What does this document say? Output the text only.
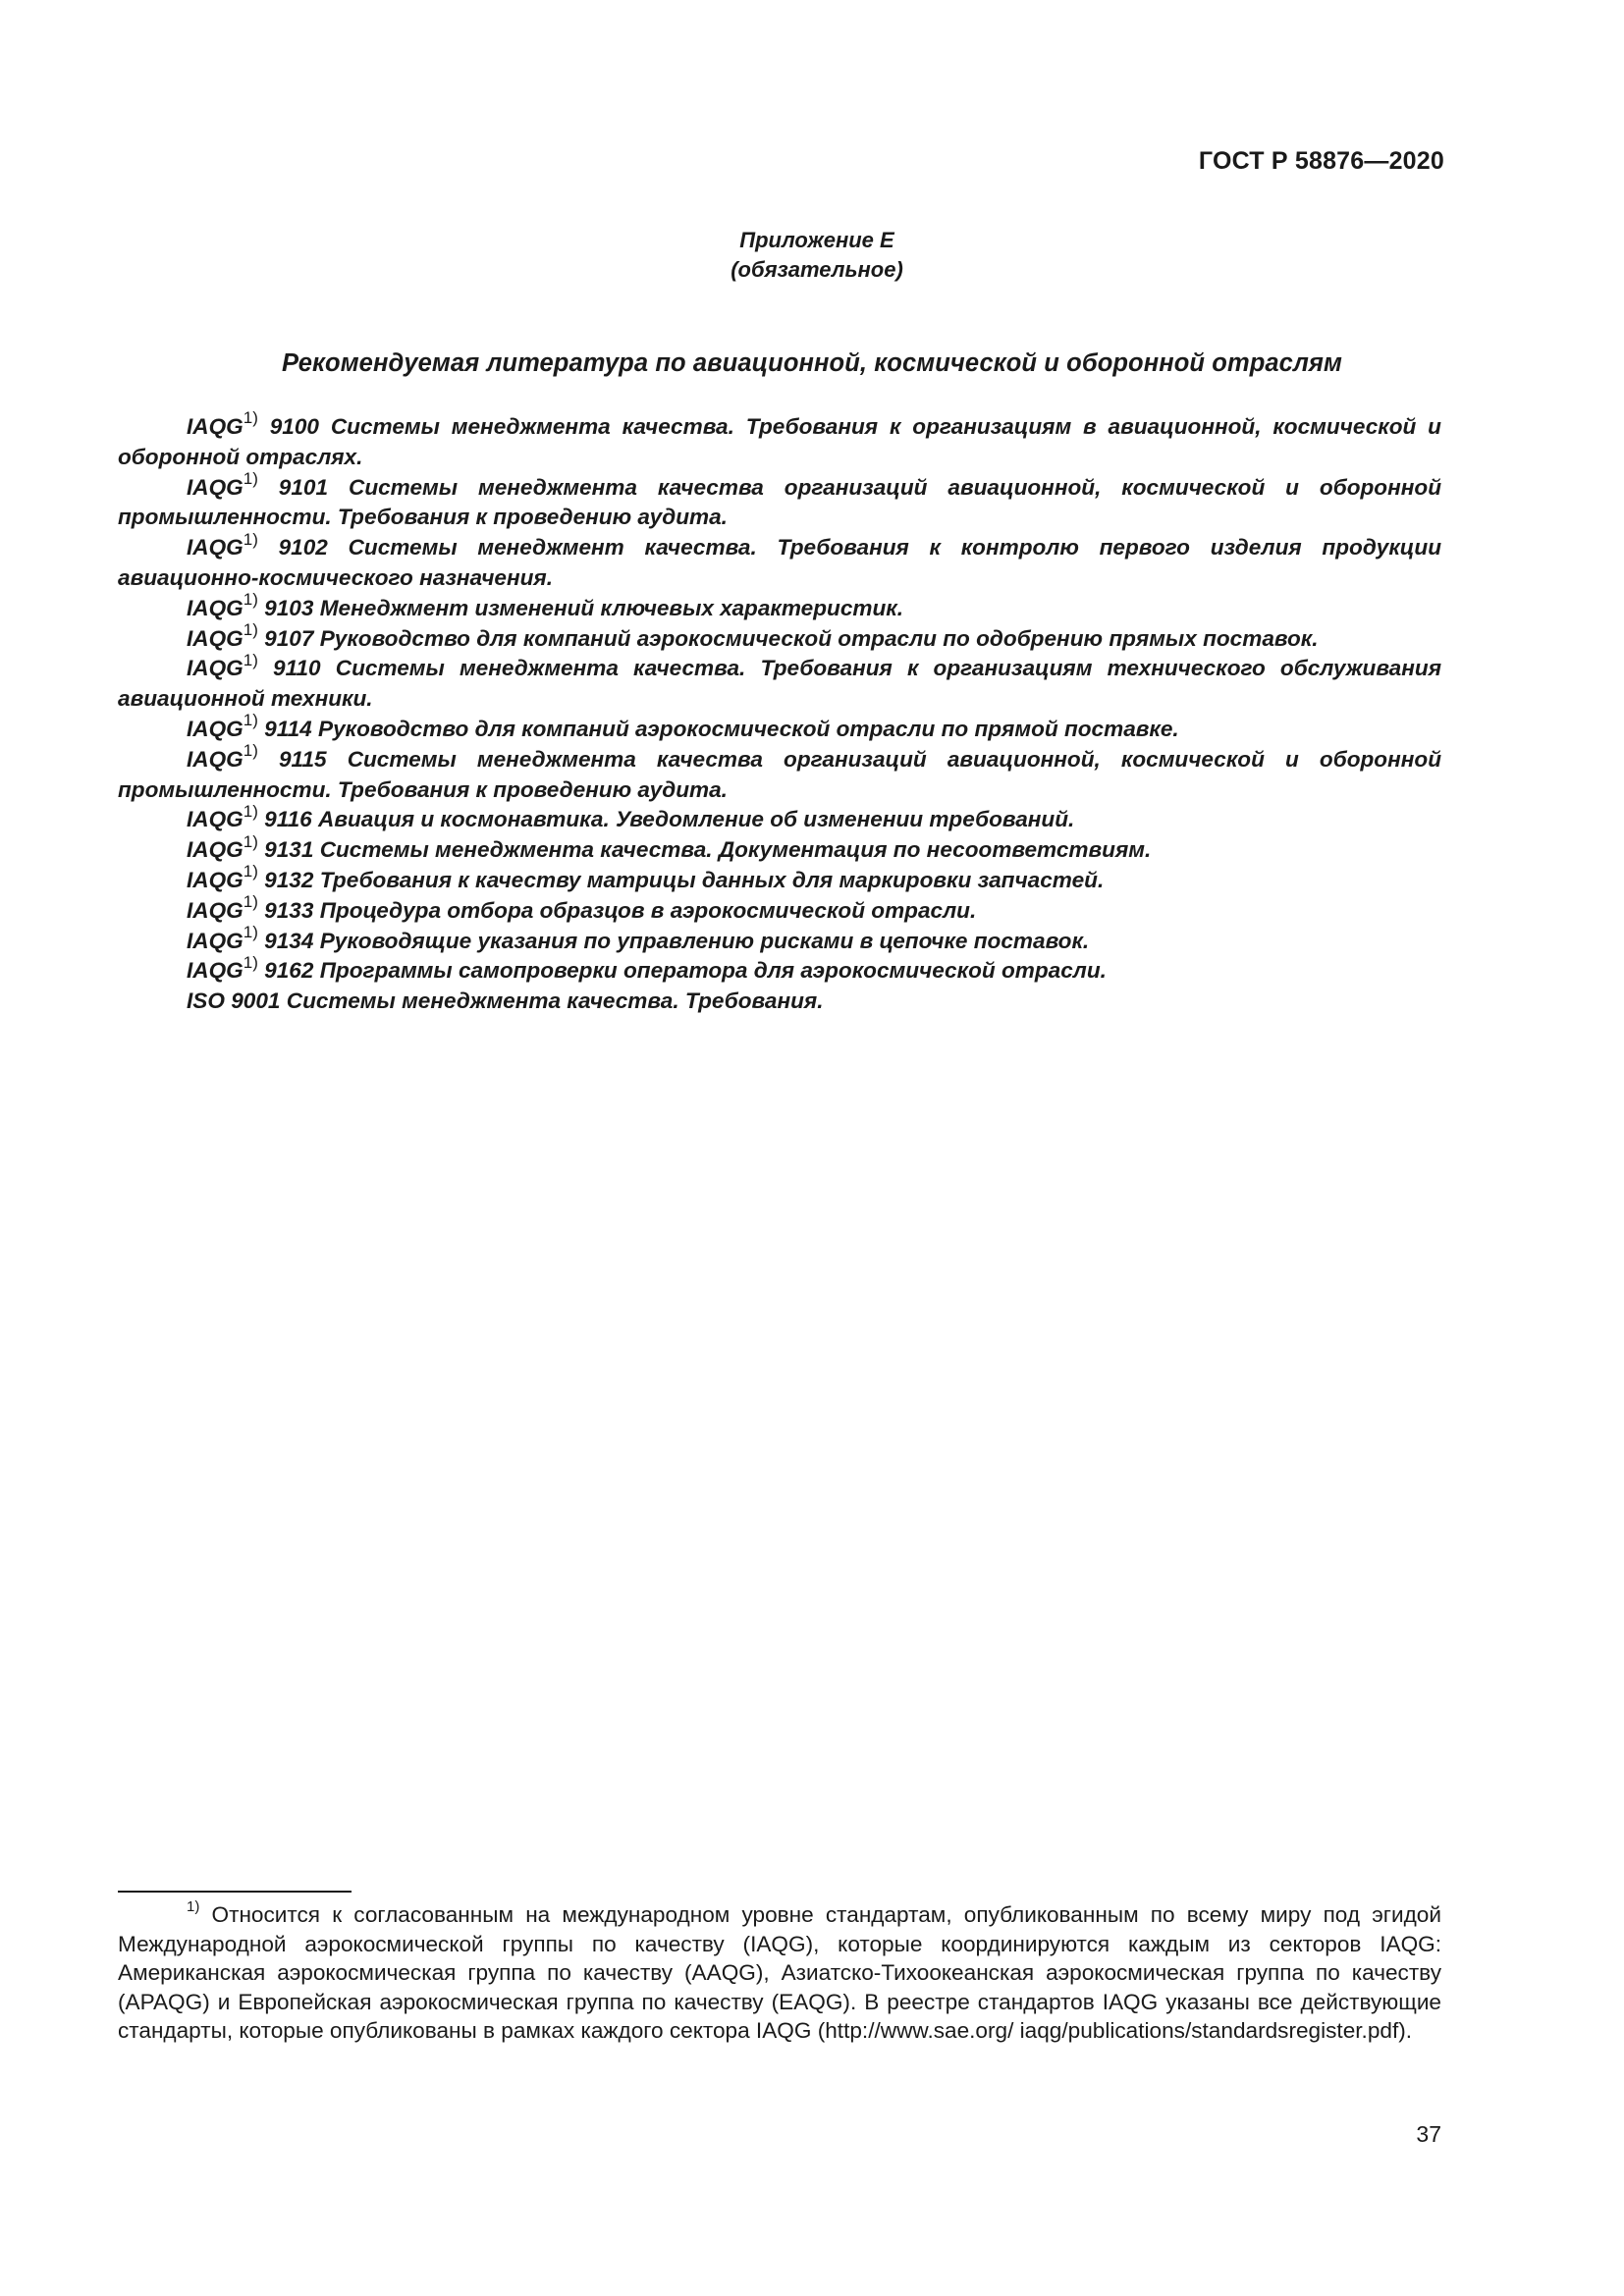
ГОСТ Р 58876—2020
Приложение Е
(обязательное)
Рекомендуемая литература по авиационной, космической и оборонной отраслям
IAQG$^{1)}$ 9100 Системы менеджмента качества. Требования к организациям в авиационной, космической и оборонной отраслях.
IAQG$^{1)}$ 9101 Системы менеджмента качества организаций авиационной, космической и оборонной промышленности. Требования к проведению аудита.
IAQG$^{1)}$ 9102 Системы менеджмент качества. Требования к контролю первого изделия продукции авиационно-космического назначения.
IAQG$^{1)}$ 9103 Менеджмент изменений ключевых характеристик.
IAQG$^{1)}$ 9107 Руководство для компаний аэрокосмической отрасли по одобрению прямых поставок.
IAQG$^{1)}$ 9110 Системы менеджмента качества. Требования к организациям технического обслуживания авиационной техники.
IAQG$^{1)}$ 9114 Руководство для компаний аэрокосмической отрасли по прямой поставке.
IAQG$^{1)}$ 9115 Системы менеджмента качества организаций авиационной, космической и оборонной промышленности. Требования к проведению аудита.
IAQG$^{1)}$ 9116 Авиация и космонавтика. Уведомление об изменении требований.
IAQG$^{1)}$ 9131 Системы менеджмента качества. Документация по несоответствиям.
IAQG$^{1)}$ 9132 Требования к качеству матрицы данных для маркировки запчастей.
IAQG$^{1)}$ 9133 Процедура отбора образцов в аэрокосмической отрасли.
IAQG$^{1)}$ 9134 Руководящие указания по управлению рисками в цепочке поставок.
IAQG$^{1)}$ 9162 Программы самопроверки оператора для аэрокосмической отрасли.
ISO 9001 Системы менеджмента качества. Требования.

$^{1)}$ Относится к согласованным на международном уровне стандартам, опубликованным по всему миру под эгидой Международной аэрокосмической группы по качеству (IAQG), которые координируются каждым из секторов IAQG: Американская аэрокосмическая группа по качеству (AAQG), Азиатско-Тихоокеанская аэрокосмическая группа по качеству (APAQG) и Европейская аэрокосмическая группа по качеству (EAQG). В реестре стандартов IAQG указаны все действующие стандарты, которые опубликованы в рамках каждого сектора IAQG (http://www.sae.org/ iaqg/publications/standardsregister.pdf).

37
